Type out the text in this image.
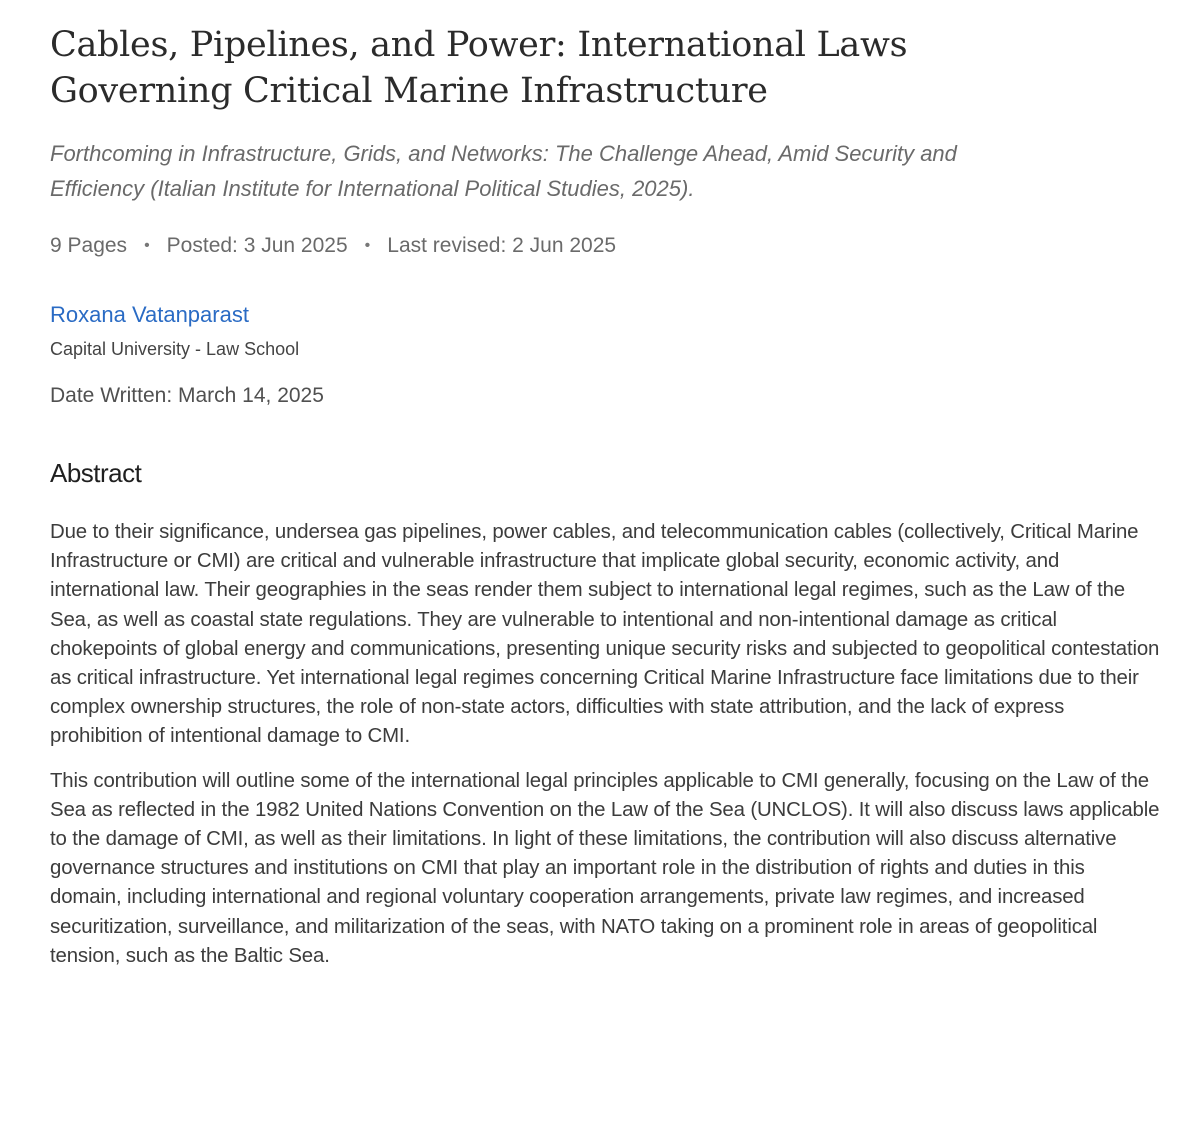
Cables, Pipelines, and Power: International Laws
Governing Critical Marine Infrastructure
Forthcoming in Infrastructure, Grids, and Networks: The Challenge Ahead, Amid Security and
Efficiency (Italian Institute for International Political Studies, 2025).
9 Pages • Posted: 3 Jun 2025 • Last revised: 2 Jun 2025
Roxana Vatanparast
Capital University - Law School
Date Written: March 14, 2025
Abstract

Due to their significance, undersea gas pipelines, power cables, and telecommunication cables (collectively, Critical Marine Infrastructure or CMI) are critical and vulnerable infrastructure that implicate global security, economic activity, and international law. Their geographies in the seas render them subject to international legal regimes, such as the Law of the Sea, as well as coastal state regulations. They are vulnerable to intentional and non-intentional damage as critical chokepoints of global energy and communications, presenting unique security risks and subjected to geopolitical contestation as critical infrastructure. Yet international legal regimes concerning Critical Marine Infrastructure face limitations due to their complex ownership structures, the role of non-state actors, difficulties with state attribution, and the lack of express prohibition of intentional damage to CMI.

This contribution will outline some of the international legal principles applicable to CMI generally, focusing on the Law of the Sea as reflected in the 1982 United Nations Convention on the Law of the Sea (UNCLOS). It will also discuss laws applicable to the damage of CMI, as well as their limitations. In light of these limitations, the contribution will also discuss alternative governance structures and institutions on CMI that play an important role in the distribution of rights and duties in this domain, including international and regional voluntary cooperation arrangements, private law regimes, and increased securitization, surveillance, and militarization of the seas, with NATO taking on a prominent role in areas of geopolitical tension, such as the Baltic Sea.
